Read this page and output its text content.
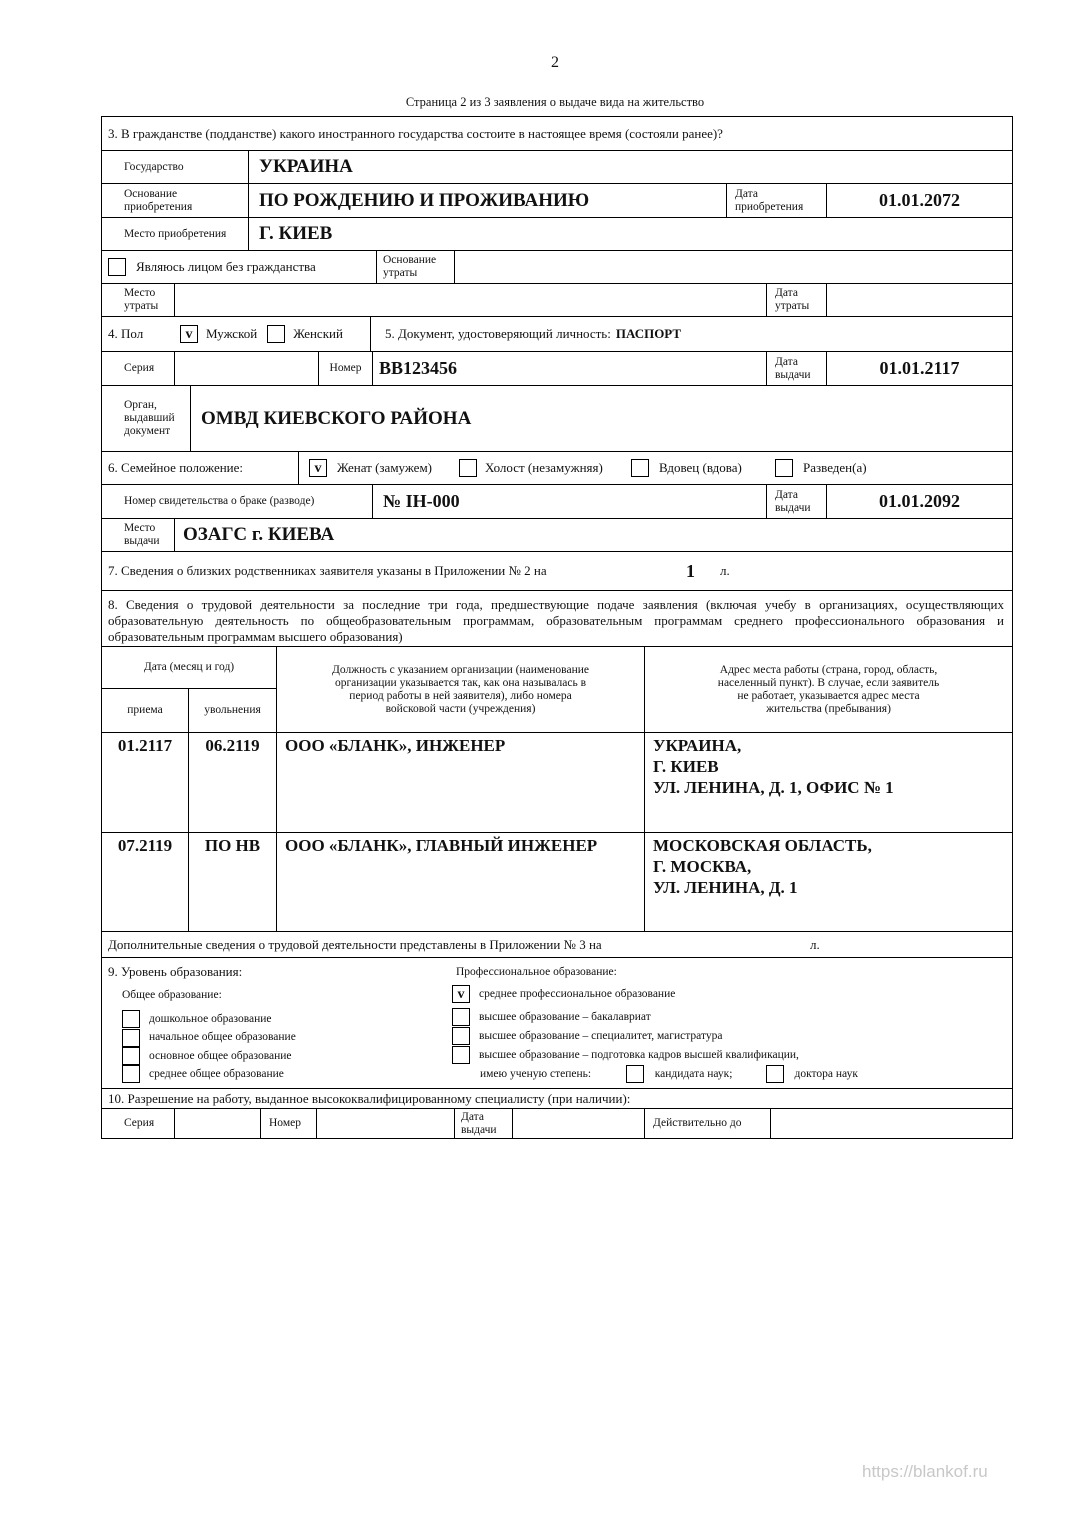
2
Страница 2 из 3 заявления о выдаче вида на жительство
3. В гражданстве (подданстве) какого иностранного государства состоите в настоящее время (состояли ранее)?
Государство	УКРАИНА
Основание приобретения	ПО РОЖДЕНИЮ И ПРОЖИВАНИЮ	Дата приобретения	01.01.2072
Место приобретения	Г. КИЕВ
Являюсь лицом без гражданства	Основание утраты
Место утраты
Дата утраты
4. Пол	v	Мужской	Женский	5. Документ, удостоверяющий личность: ПАСПОРТ
Серия	Номер BB123456	Дата выдачи	01.01.2117
Орган, выдавший документ
ОМВД КИЕВСКОГО РАЙОНА
6. Семейное положение:	v	Женат (замужем)	Холост (незамужняя)	Вдовец (вдова)	Разведен(а)
Номер свидетельства о браке (разводе)	№ IH-000	Дата выдачи	01.01.2092
Место выдачи	ОЗАГС г. КИЕВА
7. Сведения о близких родственниках заявителя указаны в Приложении № 2 на	1	л.
8. Сведения о трудовой деятельности за последние три года, предшествующие подаче заявления (включая учебу в организациях, осуществляющих образовательную деятельность по общеобразовательным программам, образовательным программам среднего профессионального образования и образовательным программам высшего образования)
Дата (месяц и год)
приема	увольнения
Должность с указанием организации (наименование организации указывается так, как она называлась в период работы в ней заявителя), либо номера войсковой части (учреждения)
Адрес места работы (страна, город, область, населенный пункт). В случае, если заявитель не работает, указывается адрес места жительства (пребывания)
01.2117	06.2119	ООО «БЛАНК», ИНЖЕНЕР	УКРАИНА,
Г. КИЕВ
УЛ. ЛЕНИНА, Д. 1, ОФИС № 1
07.2119	ПО НВ	ООО «БЛАНК», ГЛАВНЫЙ ИНЖЕНЕР	МОСКОВСКАЯ ОБЛАСТЬ,
Г. МОСКВА,
УЛ. ЛЕНИНА, Д. 1
Дополнительные сведения о трудовой деятельности представлены в Приложении № 3 на	л.
9. Уровень образования:
Общее образование:
дошкольное образование
начальное общее образование
основное общее образование
среднее общее образование
Профессиональное образование:
v среднее профессиональное образование
высшее образование – бакалавриат
высшее образование – специалитет, магистратура
высшее образование – подготовка кадров высшей квалификации,
имею ученую степень:	кандидата наук;	доктора наук
10. Разрешение на работу, выданное высококвалифицированному специалисту (при наличии):
Серия	Номер
Дата выдачи
Действительно до
https://blankof.ru
